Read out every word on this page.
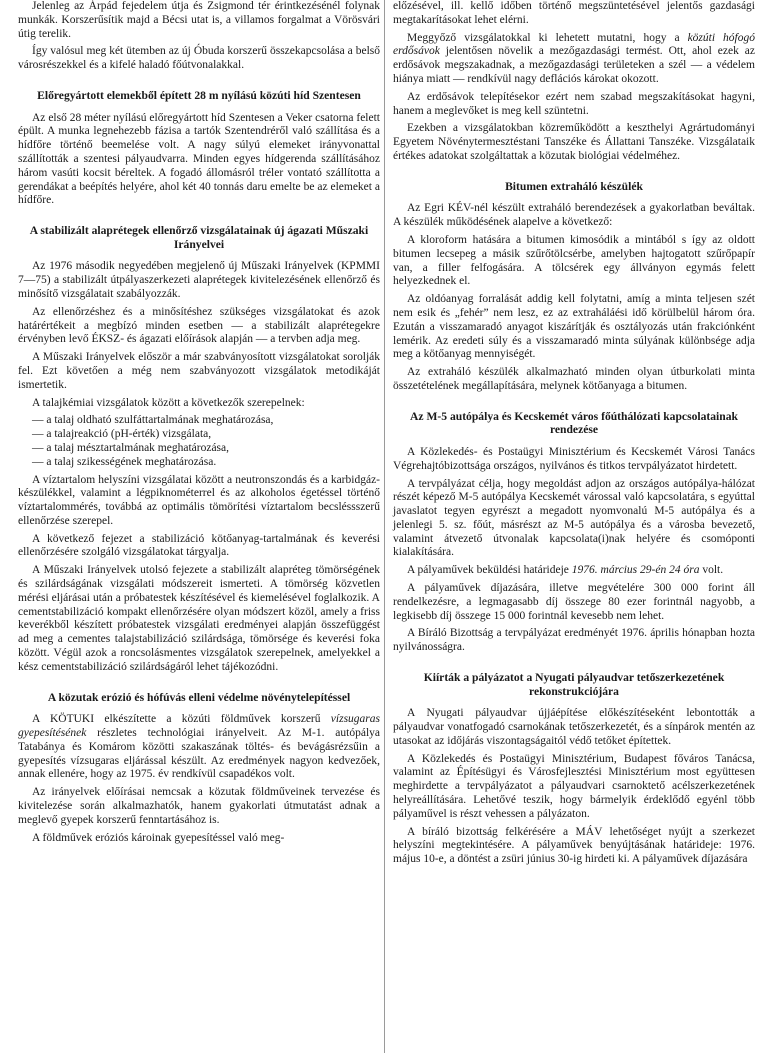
Jelenleg az Árpád fejedelem útja és Zsigmond tér érintkezésénél folynak munkák. Korszerűsítik majd a Bécsi utat is, a villamos forgalmat a Vörösvári útig terelik.

Így valósul meg két ütemben az új Óbuda korszerű összekapcsolása a belső városrészekkel és a kifelé haladó főútvonalakkal.

Előregyártott elemekből épített 28 m nyílású közúti híd Szentesen

Az első 28 méter nyílású előregyártott híd Szentesen a Veker csatorna felett épült. A munka legnehezebb fázisa a tartók Szentendréről való szállítása és a hídfőre történő beemelése volt. A nagy súlyú elemeket irányvonattal szállították a szentesi pályaudvarra. Minden egyes hídgerenda szállításához három vasúti kocsit béreltek. A fogadó állomásról tréler vontató szállította a gerendákat a beépítés helyére, ahol két 40 tonnás daru emelte be az elemeket a hídfőre.

A stabilizált alaprétegek ellenőrző vizsgálatainak új ágazati Műszaki Irányelvei

Az 1976 második negyedében megjelenő új Műszaki Irányelvek (KPMMI 7—75) a stabilizált útpályaszerkezeti alaprétegek kivitelezésének ellenőrző és minősítő vizsgálatait szabályozzák.

Az ellenőrzéshez és a minősítéshez szükséges vizsgálatokat és azok határértékeit a megbízó minden esetben — a stabilizált alaprétegekre érvényben levő ÉKSZ- és ágazati előírások alapján — a tervben adja meg.

A Műszaki Irányelvek először a már szabványosított vizsgálatokat sorolják fel. Ezt követően a még nem szabványozott vizsgálatok metodikáját ismertetik.

A talajkémiai vizsgálatok között a következők szerepelnek:

— a talaj oldható szulfáttartalmának meghatározása,
— a talajreakció (pH-érték) vizsgálata,
— a talaj mésztartalmának meghatározása,
— a talaj szikességének meghatározása.

A víztartalom helyszíni vizsgálatai között a neutronszondás és a karbidgáz-készülékkel, valamint a légpiknométerrel és az alkoholos égetéssel történő víztartalommérés, továbbá az optimális tömörítési víztartalom becsléssszerű ellenőrzése szerepel.

A következő fejezet a stabilizáció kötőanyag-tartalmának és keverési ellenőrzésére szolgáló vizsgálatokat tárgyalja.

A Műszaki Irányelvek utolsó fejezete a stabilizált alapréteg tömörségének és szilárdságának vizsgálati módszereit ismerteti. A tömörség közvetlen mérési eljárásai után a próbatestek készítésével és kiemelésével foglalkozik. A cementstabilizáció kompakt ellenőrzésére olyan módszert közöl, amely a friss keverékből készített próbatestek vizsgálati eredményei alapján összefüggést ad meg a cementes talajstabilizáció szilárdsága, tömörsége és keverési foka között. Végül azok a roncsolásmentes vizsgálatok szerepelnek, amelyekkel a kész cementstabilizáció szilárdságáról lehet tájékozódni.

A közutak erózió és hófúvás elleni védelme növénytelepítéssel

A KÖTUKI elkészítette a közúti földművek korszerű vízsugaras gyepesítésének részletes technológiai irányelveit. Az M-1. autópálya Tatabánya és Komárom közötti szakaszának töltés- és bevágásrézsűin a gyepesítés vízsugaras eljárással készült. Az eredmények nagyon kedvezőek, annak ellenére, hogy az 1975. év rendkívül csapadékos volt.

Az irányelvek előírásai nemcsak a közutak földműveinek tervezése és kivitelezése során alkalmazhatók, hanem gyakorlati útmutatást adnak a meglevő gyepek korszerű fenntartásához is.

A földművek eróziós károinak gyepesítéssel való meg-

előzésével, ill. kellő időben történő megszüntetésével jelentős gazdasági megtakarításokat lehet elérni.

Meggyőző vizsgálatokkal ki lehetett mutatni, hogy a közúti hófogó erdősávok jelentősen növelik a mezőgazdasági termést. Ott, ahol ezek az erdősávok megszakadnak, a mezőgazdasági területeken a szél — a védelem hiánya miatt — rendkívül nagy deflációs károkat okozott.

Az erdősávok telepítésekor ezért nem szabad megszakításokat hagyni, hanem a meglevőket is meg kell szüntetni.

Ezekben a vizsgálatokban közreműködött a keszthelyi Agrártudományi Egyetem Növénytermesztéstani Tanszéke és Állattani Tanszéke. Vizsgálataik értékes adatokat szolgáltattak a közutak biológiai védelméhez.

Bitumen extraháló készülék

Az Egri KÉV-nél készült extraháló berendezések a gyakorlatban beváltak. A készülék működésének alapelve a következő:

A kloroform hatására a bitumen kimosódik a mintából s így az oldott bitumen lecsepeg a másik szűrőtölcsérbe, amelyben hajtogatott szűrőpapír van, a filler felfogására. A tölcsérek egy állványon egymás felett helyezkednek el.

Az oldóanyag forralását addig kell folytatni, amíg a minta teljesen szét nem esik és „fehér” nem lesz, ez az extraháláési idő körülbelül három óra. Ezután a visszamaradó anyagot kiszárítják és osztályozás után frakciónként lemérik. Az eredeti súly és a visszamaradó minta súlyának különbsége adja meg a kötőanyag mennyiségét.

Az extraháló készülék alkalmazható minden olyan útburkolati minta összetételének megállapítására, melynek kötőanyaga a bitumen.

Az M-5 autópálya és Kecskemét város főúthálózati kapcsolatainak rendezése

A Közlekedés- és Postaügyi Minisztérium és Kecskemét Városi Tanács Végrehajtóbizottsága országos, nyilvános és titkos tervpályázatot hirdetett.

A tervpályázat célja, hogy megoldást adjon az országos autópálya-hálózat részét képező M-5 autópálya Kecskemét várossal való kapcsolatára, s egyúttal javaslatot tegyen egyrészt a megadott nyomvonalú M-5 autópálya és a jelenlegi 5. sz. főút, másrészt az M-5 autópálya és a városba bevezető, valamint átvezető útvonalak kapcsolata(i)nak helyére és csomóponti kialakítására.

A pályaművek beküldési határideje 1976. március 29-én 24 óra volt.

A pályaművek díjazására, illetve megvételére 300 000 forint áll rendelkezésre, a legmagasabb díj összege 80 ezer forintnál nagyobb, a legkisebb díj összege 15 000 forintnál kevesebb nem lehet.

A Bíráló Bizottság a tervpályázat eredményét 1976. április hónapban hozta nyilvánosságra.

Kiírták a pályázatot a Nyugati pályaudvar tetőszerkezetének rekonstrukciójára

A Nyugati pályaudvar újjáépítése előkészítéseként lebontották a pályaudvar vonatfogadó csarnokának tetőszerkezetét, és a sínpárok mentén az utasokat az időjárás viszontagságaitól védő tetőket építettek.

A Közlekedés és Postaügyi Minisztérium, Budapest főváros Tanácsa, valamint az Építésügyi és Városfejlesztési Minisztérium most együttesen meghirdette a tervpályázatot a pályaudvari csarnoktető acélszerkezetének helyreállítására. Lehetővé teszik, hogy bármelyik érdeklődő egyénl több pályaművel is részt vehessen a pályázaton.

A bíráló bizottság felkérésére a MÁV lehetőséget nyújt a szerkezet helyszíni megtekintésére. A pályaművek benyújtásának határideje: 1976. május 10-e, a döntést a zsüri június 30-ig hirdeti ki. A pályaművek díjazására
